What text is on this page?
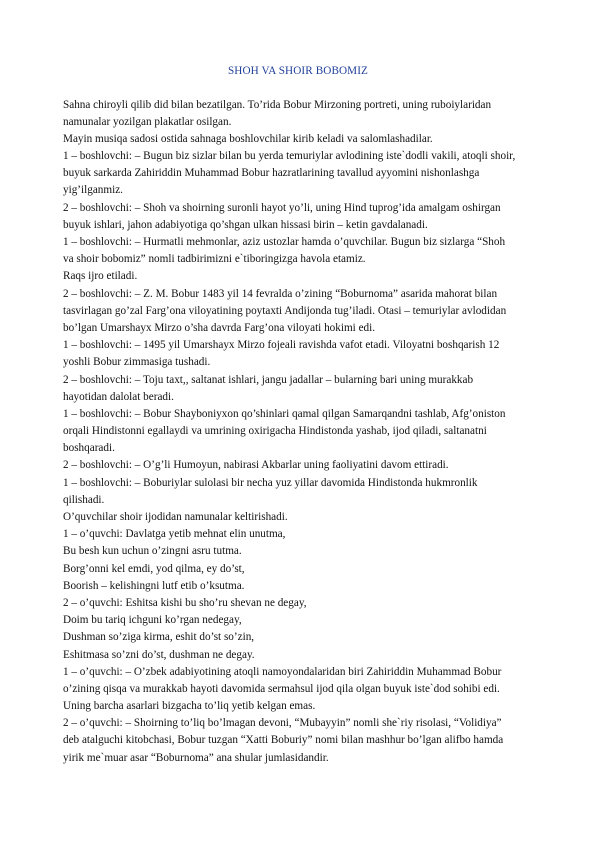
SHOH VA SHOIR BOBOMIZ
Sahna chiroyli qilib did bilan bezatilgan. To’rida Bobur Mirzoning portreti, uning ruboiylaridan
namunalar yozilgan plakatlar osilgan.
Mayin musiqa sadosi ostida sahnaga boshlovchilar kirib keladi va salomlashadilar.
1 – boshlovchi: – Bugun biz sizlar bilan bu yerda temuriylar avlodining iste`dodli vakili, atoqli shoir,
buyuk sarkarda Zahiriddin Muhammad Bobur hazratlarining tavallud ayyomini nishonlashga
yig’ilganmiz.
2 – boshlovchi: – Shoh va shoirning suronli hayot yo’li, uning Hind tuprog’ida amalgam oshirgan
buyuk ishlari, jahon adabiyotiga qo’shgan ulkan hissasi birin – ketin gavdalanadi.
1 – boshlovchi: – Hurmatli mehmonlar, aziz ustozlar hamda o’quvchilar. Bugun biz sizlarga “Shoh
va shoir bobomiz” nomli tadbirimizni e`tiboringizga havola etamiz.
Raqs ijro etiladi.
2 – boshlovchi: – Z. M. Bobur 1483 yil 14 fevralda o’zining “Boburnoma” asarida mahorat bilan
tasvirlagan go’zal Farg’ona viloyatining poytaxti Andijonda tug’iladi. Otasi – temuriylar avlodidan
bo’lgan Umarshayx Mirzo o’sha davrda Farg’ona viloyati hokimi edi.
1 – boshlovchi: – 1495 yil Umarshayx Mirzo fojeali ravishda vafot etadi. Viloyatni boshqarish 12
yoshli Bobur zimmasiga tushadi.
2 – boshlovchi: – Toju taxt,, saltanat ishlari, jangu jadallar – bularning bari uning murakkab
hayotidan dalolat beradi.
1 – boshlovchi: – Bobur Shayboniyxon qo’shinlari qamal qilgan Samarqandni tashlab, Afg’oniston
orqali Hindistonni egallaydi va umrining oxirigacha Hindistonda yashab, ijod qiladi, saltanatni
boshqaradi.
2 – boshlovchi: – O’g’li Humoyun, nabirasi Akbarlar uning faoliyatini davom ettiradi.
1 – boshlovchi: – Boburiylar sulolasi bir necha yuz yillar davomida Hindistonda hukmronlik
qilishadi.
O’quvchilar shoir ijodidan namunalar keltirishadi.
1 – o’quvchi: Davlatga yetib mehnat elin unutma,
Bu besh kun uchun o’zingni asru tutma.
Borg’onni kel emdi, yod qilma, ey do’st,
Boorish – kelishingni lutf etib o’ksutma.
2 – o’quvchi: Eshitsa kishi bu sho’ru shevan ne degay,
Doim bu tariq ichguni ko’rgan nedegay,
Dushman so’ziga kirma, eshit do’st so’zin,
Eshitmasa so’zni do’st, dushman ne degay.
1 – o’quvchi: – O’zbek adabiyotining atoqli namoyondalaridan biri Zahiriddin Muhammad Bobur
o’zining qisqa va murakkab hayoti davomida sermahsul ijod qila olgan buyuk iste`dod sohibi edi.
Uning barcha asarlari bizgacha to’liq yetib kelgan emas.
2 – o’quvchi: – Shoirning to’liq bo’lmagan devoni, “Mubayyin” nomli she`riy risolasi, “Volidiya”
deb atalguchi kitobchasi, Bobur tuzgan “Xatti Boburiy” nomi bilan mashhur bo’lgan alifbo hamda
yirik me`muar asar “Boburnoma” ana shular jumlasidandir.
